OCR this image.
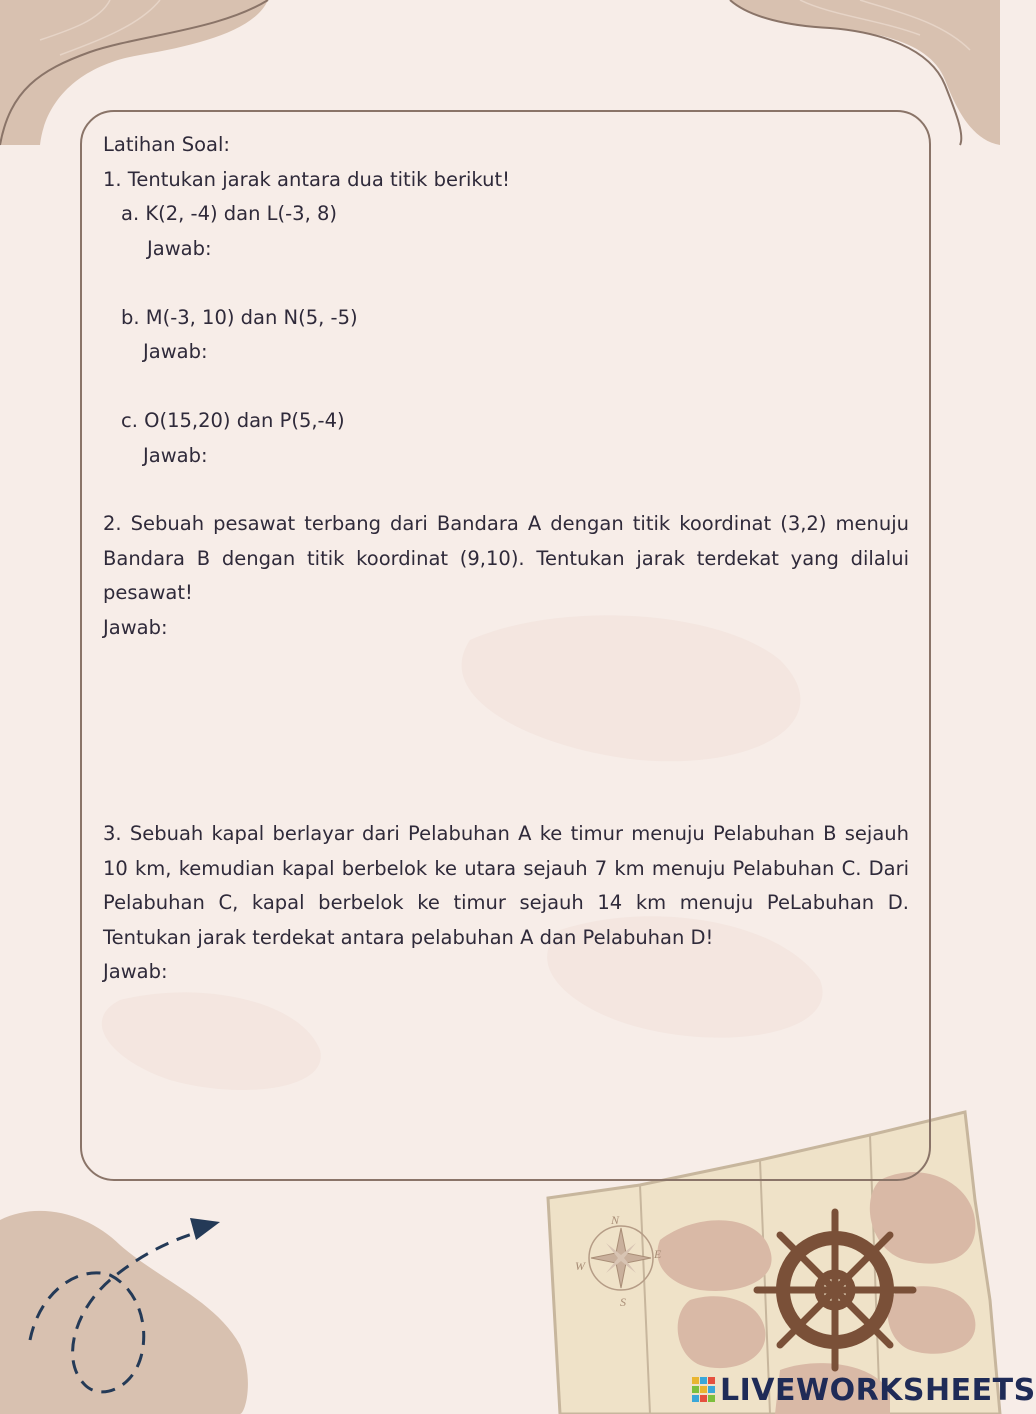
N
E
S
W
Latihan Soal:
1. Tentukan jarak antara dua titik berikut!
a. K(2, -4) dan L(-3, 8)
Jawab:
b. M(-3, 10) dan N(5, -5)
Jawab:
c. O(15,20) dan P(5,-4)
Jawab:
2. Sebuah pesawat terbang dari Bandara A dengan titik koordinat (3,2) menuju Bandara B dengan titik koordinat (9,10). Tentukan jarak terdekat yang dilalui pesawat!
Jawab:
3. Sebuah kapal berlayar dari Pelabuhan A ke timur menuju Pelabuhan B sejauh 10 km, kemudian kapal berbelok ke utara sejauh 7 km menuju Pelabuhan C. Dari Pelabuhan C, kapal berbelok ke timur sejauh 14 km menuju PeLabuhan D. Tentukan jarak terdekat antara pelabuhan A dan Pelabuhan D!
Jawab:
LIVEWORKSHEETS
